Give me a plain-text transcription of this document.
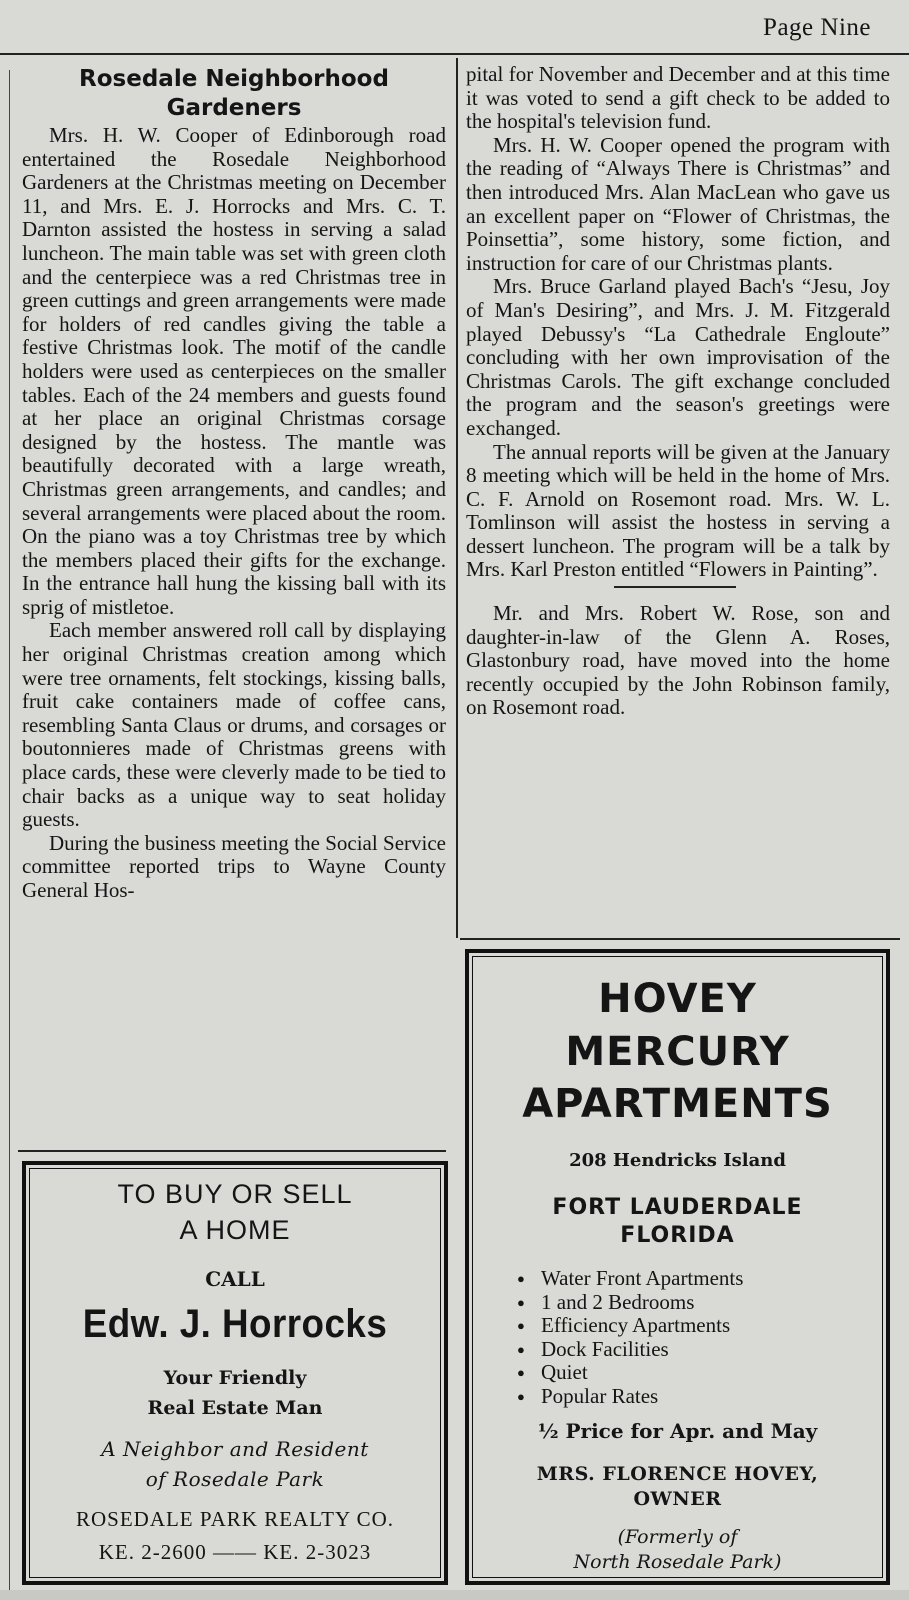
Page Nine
Rosedale Neighborhood
Gardeners

Mrs. H. W. Cooper of Edinborough road entertained the Rosedale Neighborhood Gardeners at the Christmas meeting on December 11, and Mrs. E. J. Horrocks and Mrs. C. T. Darnton assisted the hostess in serving a salad luncheon. The main table was set with green cloth and the centerpiece was a red Christmas tree in green cuttings and green arrangements were made for holders of red candles giving the table a festive Christmas look. The motif of the candle holders were used as centerpieces on the smaller tables. Each of the 24 members and guests found at her place an original Christmas corsage designed by the hostess. The mantle was beautifully decorated with a large wreath, Christmas green arrangements, and candles; and several arrangements were placed about the room. On the piano was a toy Christmas tree by which the members placed their gifts for the exchange. In the entrance hall hung the kissing ball with its sprig of mistletoe.

Each member answered roll call by displaying her original Christmas creation among which were tree ornaments, felt stockings, kissing balls, fruit cake containers made of coffee cans, resembling Santa Claus or drums, and corsages or boutonnieres made of Christmas greens with place cards, these were cleverly made to be tied to chair backs as a unique way to seat holiday guests.

During the business meeting the Social Service committee reported trips to Wayne County General Hos-

pital for November and December and at this time it was voted to send a gift check to be added to the hospital's television fund.

Mrs. H. W. Cooper opened the program with the reading of “Always There is Christmas” and then introduced Mrs. Alan MacLean who gave us an excellent paper on “Flower of Christmas, the Poinsettia”, some history, some fiction, and instruction for care of our Christmas plants.

Mrs. Bruce Garland played Bach's “Jesu, Joy of Man's Desiring”, and Mrs. J. M. Fitzgerald played Debussy's “La Cathedrale Engloute” concluding with her own improvisation of the Christmas Carols. The gift exchange concluded the program and the season's greetings were exchanged.

The annual reports will be given at the January 8 meeting which will be held in the home of Mrs. C. F. Arnold on Rosemont road. Mrs. W. L. Tomlinson will assist the hostess in serving a dessert luncheon. The program will be a talk by Mrs. Karl Preston entitled “Flowers in Painting”.

Mr. and Mrs. Robert W. Rose, son and daughter-in-law of the Glenn A. Roses, Glastonbury road, have moved into the home recently occupied by the John Robinson family, on Rosemont road.

TO BUY OR SELL
A HOME
CALL
Edw. J. Horrocks
Your Friendly
Real Estate Man
A Neighbor and Resident
of Rosedale Park
ROSEDALE PARK REALTY CO.
KE. 2-2600 —— KE. 2-3023
HOVEY
MERCURY
APARTMENTS
208 Hendricks Island
FORT LAUDERDALE
FLORIDA
● Water Front Apartments
● 1 and 2 Bedrooms
● Efficiency Apartments
● Dock Facilities
● Quiet
● Popular Rates
½ Price for Apr. and May
MRS. FLORENCE HOVEY,
OWNER
(Formerly of
North Rosedale Park)
